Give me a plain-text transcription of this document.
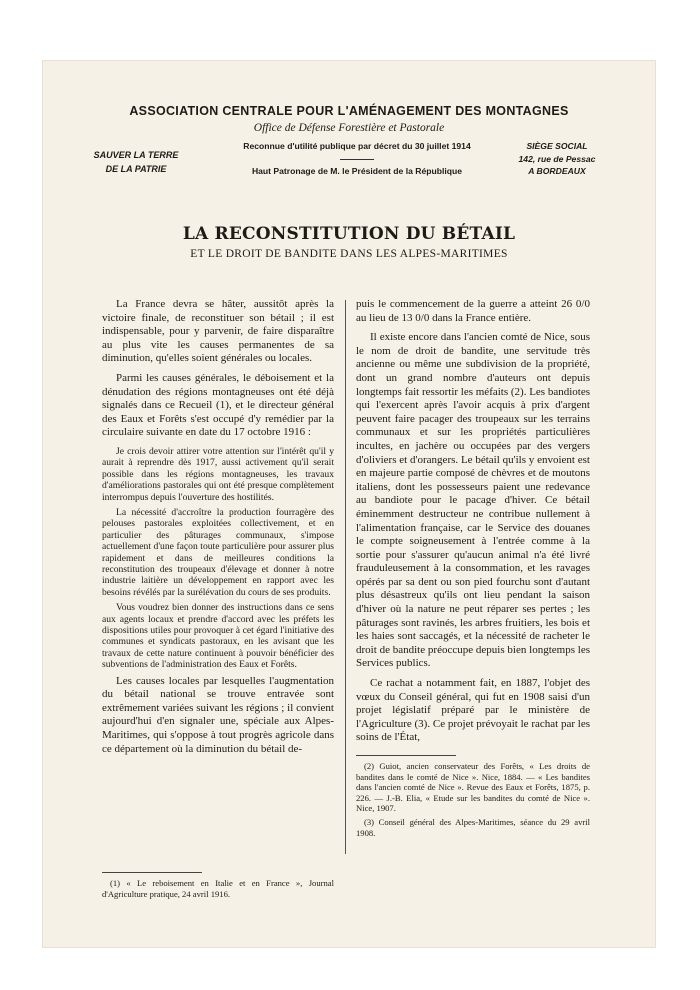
ASSOCIATION CENTRALE POUR L'AMÉNAGEMENT DES MONTAGNES
Office de Défense Forestière et Pastorale
SAUVER LA TERRE
DE LA PATRIE
Reconnue d'utilité publique par décret du 30 juillet 1914
Haut Patronage de M. le Président de la République
SIÈGE SOCIAL
142, rue de Pessac
A BORDEAUX
LA RECONSTITUTION DU BÉTAIL
ET LE DROIT DE BANDITE DANS LES ALPES-MARITIMES

La France devra se hâter, aussitôt après la victoire finale, de reconstituer son bétail ; il est indispensable, pour y parvenir, de faire disparaître au plus vite les causes permanentes de sa diminution, qu'elles soient générales ou locales.

Parmi les causes générales, le déboisement et la dénudation des régions montagneuses ont été déjà signalés dans ce Recueil (1), et le directeur général des Eaux et Forêts s'est occupé d'y remédier par la circulaire suivante en date du 17 octobre 1916 :

Je crois devoir attirer votre attention sur l'intérêt qu'il y aurait à reprendre dès 1917, aussi activement qu'il serait possible dans les régions montagneuses, les travaux d'améliorations pastorales qui ont été presque complètement interrompus depuis l'ouverture des hostilités.

La nécessité d'accroître la production fourragère des pelouses pastorales exploitées collectivement, et en particulier des pâturages communaux, s'impose actuellement d'une façon toute particulière pour assurer plus rapidement et dans de meilleures conditions la reconstitution des troupeaux d'élevage et donner à notre industrie laitière un développement en rapport avec les besoins révélés par la surélévation du cours de ses produits.

Vous voudrez bien donner des instructions dans ce sens aux agents locaux et prendre d'accord avec les préfets les dispositions utiles pour provoquer à cet égard l'initiative des communes et syndicats pastoraux, en les avisant que les travaux de cette nature continuent à pouvoir bénéficier des subventions de l'administration des Eaux et Forêts.

Les causes locales par lesquelles l'augmentation du bétail national se trouve entravée sont extrêmement variées suivant les régions ; il convient aujourd'hui d'en signaler une, spéciale aux Alpes-Maritimes, qui s'oppose à tout progrès agricole dans ce département où la diminution du bétail de-

(1) « Le reboisement en Italie et en France », Journal d'Agriculture pratique, 24 avril 1916.

puis le commencement de la guerre a atteint 26 0/0 au lieu de 13 0/0 dans la France entière.

Il existe encore dans l'ancien comté de Nice, sous le nom de droit de bandite, une servitude très ancienne ou même une subdivision de la propriété, dont un grand nombre d'auteurs ont depuis longtemps fait ressortir les méfaits (2). Les bandiotes qui l'exercent après l'avoir acquis à prix d'argent peuvent faire pacager des troupeaux sur les terrains communaux et sur les propriétés particulières incultes, en jachère ou occupées par des vergers d'oliviers et d'orangers. Le bétail qu'ils y envoient est en majeure partie composé de chèvres et de moutons italiens, dont les possesseurs paient une redevance au bandiote pour le pacage d'hiver. Ce bétail éminemment destructeur ne contribue nullement à l'alimentation française, car le Service des douanes le compte soigneusement à l'entrée comme à la sortie pour s'assurer qu'aucun animal n'a été livré frauduleusement à la consommation, et les ravages opérés par sa dent ou son pied fourchu sont d'autant plus désastreux qu'ils ont lieu pendant la saison d'hiver où la nature ne peut réparer ses pertes ; les pâturages sont ravinés, les arbres fruitiers, les bois et les haies sont saccagés, et la nécessité de racheter le droit de bandite préoccupe depuis bien longtemps les Services publics.

Ce rachat a notamment fait, en 1887, l'objet des vœux du Conseil général, qui fut en 1908 saisi d'un projet législatif préparé par le ministère de l'Agriculture (3). Ce projet prévoyait le rachat par les soins de l'État,

(2) Guiot, ancien conservateur des Forêts, « Les droits de bandites dans le comté de Nice ». Nice, 1884. — « Les bandites dans l'ancien comté de Nice ». Revue des Eaux et Forêts, 1875, p. 226. — J.-B. Elia, « Etude sur les bandites du comté de Nice ». Nice, 1907.

(3) Conseil général des Alpes-Maritimes, séance du 29 avril 1908.
